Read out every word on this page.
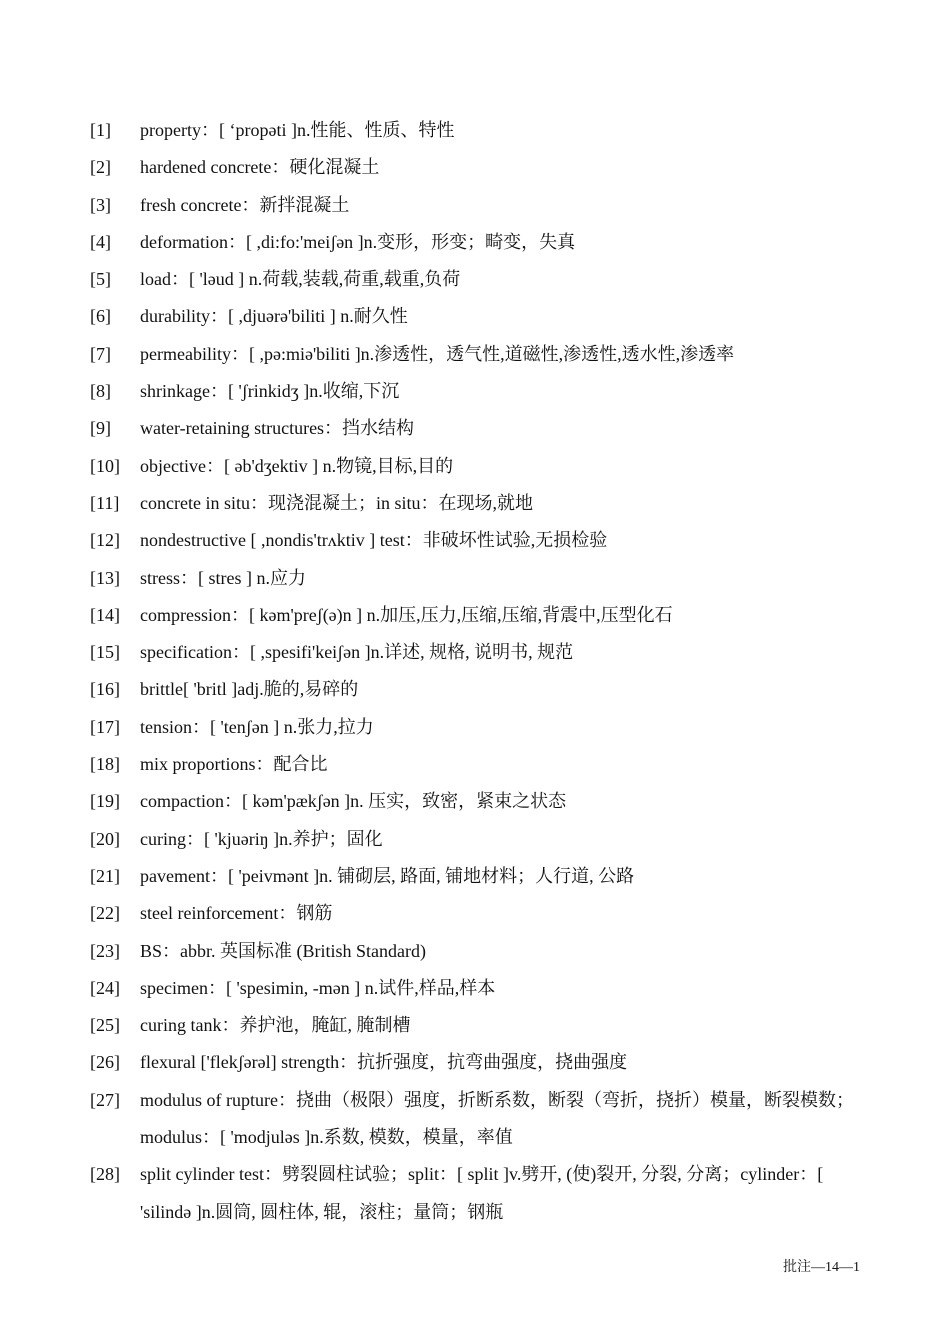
[1]	property：[ ‘propəti ]n.性能、性质、特性
[2]	hardened concrete：硬化混凝土
[3]	fresh concrete：新拌混凝土
[4]	deformation：[ ,di:fo:'meiʃən ]n.变形，形变；畸变，失真
[5]	load：[ 'ləud ] n.荷载,装载,荷重,载重,负荷
[6]	durability：[ ,djuərə'biliti ] n.耐久性
[7]	permeability：[ ,pə:miə'biliti ]n.渗透性，透气性,道磁性,渗透性,透水性,渗透率
[8]	shrinkage：[ 'ʃrinkidʒ ]n.收缩,下沉
[9]	water-retaining structures：挡水结构
[10]	objective：[ əb'dʒektiv ] n.物镜,目标,目的
[11]	concrete in situ：现浇混凝土；in situ：在现场,就地
[12]	nondestructive [ ,nondis'trʌktiv ] test：非破坏性试验,无损检验
[13]	stress：[ stres ] n.应力
[14]	compression：[ kəm'preʃ(ə)n ] n.加压,压力,压缩,压缩,背震中,压型化石
[15]	specification：[ ,spesifi'keiʃən ]n.详述, 规格, 说明书, 规范
[16]	brittle[ 'britl ]adj.脆的,易碎的
[17]	tension：[ 'tenʃən ] n.张力,拉力
[18]	mix proportions：配合比
[19]	compaction：[ kəm'pækʃən ]n. 压实，致密，紧束之状态
[20]	curing：[ 'kjuəriŋ ]n.养护；固化
[21]	pavement：[ 'peivmənt ]n. 铺砌层, 路面, 铺地材料；人行道, 公路
[22]	steel reinforcement：钢筋
[23]	BS：abbr. 英国标准 (British Standard)
[24]	specimen：[ 'spesimin, -mən ] n.试件,样品,样本
[25]	curing tank：养护池，腌缸, 腌制槽
[26]	flexural ['flekʃərəl] strength：抗折强度，抗弯曲强度，挠曲强度
[27]	modulus of rupture：挠曲（极限）强度，折断系数，断裂（弯折，挠折）模量，断裂模数；modulus：[ 'modjuləs ]n.系数, 模数，模量，率值
[28]	split cylinder test：劈裂圆柱试验；split：[ split ]v.劈开, (使)裂开, 分裂, 分离；cylinder：[ 'silində ]n.圆筒, 圆柱体, 辊，滚柱；量筒；钢瓶
批注—14—1
